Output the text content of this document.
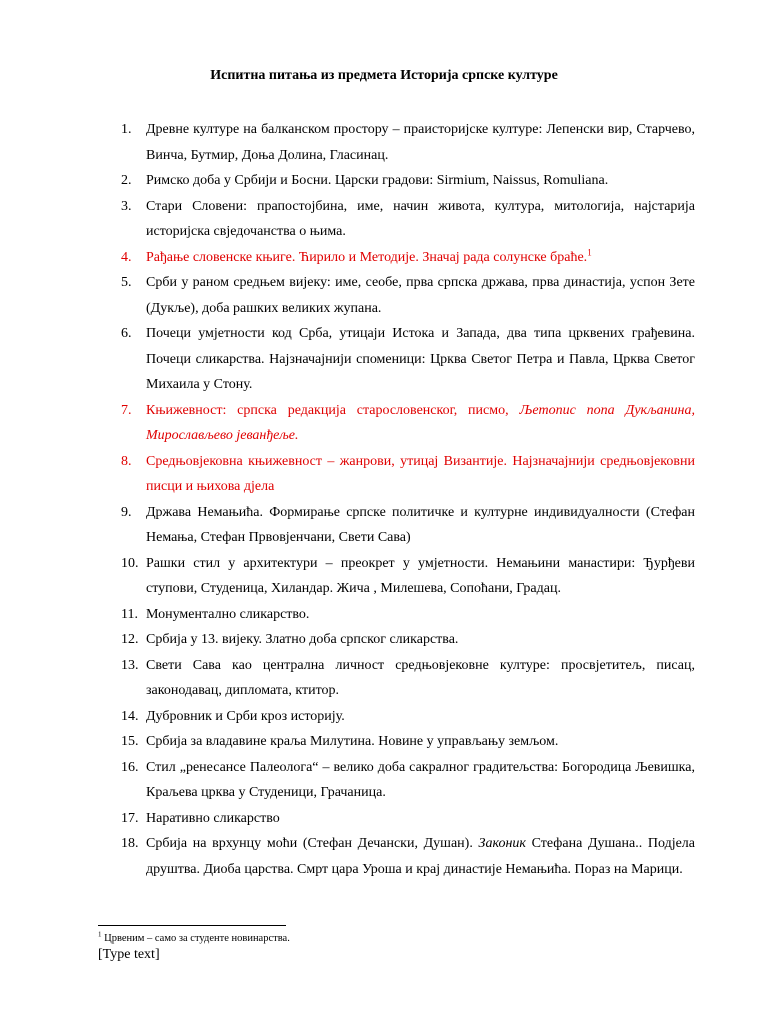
Испитна питања из предмета Историја српске културе

1. Древне културе на балканском простору – праисторијске културе: Лепенски вир, Старчево, Винча, Бутмир, Доња Долина, Гласинац.

2. Римско доба у Србији и Босни. Царски градови: Sirmium, Naissus, Romuliana.

3. Стари Словени: прапостојбина, име, начин живота, култура, митологија, најстарија историјска свједочанства о њима.

4. Рађање словенске књиге. Ћирило и Методије. Значај рада солунске браће.$^1$

5. Срби у раном средњем вијеку: име, сеобе, прва српска држава, прва династија, успон Зете (Дукље), доба рашких великих жупана.

6. Почеци умјетности код Срба, утицаји Истока и Запада, два типа црквених грађевина. Почеци сликарства. Најзначајнији споменици: Црква Светог Петра и Павла, Црква Светог Михаила у Стону.

7. Књижевност: српска редакција старословенског, писмо, Љетопис попа Дукљанина, Мирослављево јеванђеље.

8. Средњовјековна књижевност – жанрови, утицај Византије. Најзначајнији средњовјековни писци и њихова дјела

9. Држава Немањића. Формирање српске политичке и културне индивидуалности (Стефан Немања, Стефан Првовјенчани, Свети Сава)

10. Рашки стил у архитектури – преокрет у умјетности. Немањини манастири: Ђурђеви ступови, Студеница, Хиландар. Жича , Милешева, Сопоћани, Градац.

11. Монументално сликарство.

12. Србија у 13. вијеку. Златно доба српског сликарства.

13. Свети Сава као централна личност средњовјековне културе: просвјетитељ, писац, законодавац, дипломата, ктитор.

14. Дубровник и Срби кроз историју.

15. Србија за владавине краља Милутина. Новине у управљању земљом.

16. Стил „ренесансе Палеолога“ – велико доба сакралног градитељства: Богородица Љевишка, Краљева црква у Студеници, Грачаница.

17. Наративно сликарство

18. Србија на врхунцу моћи (Стефан Дечански, Душан). Законик Стефана Душана.. Подјела друштва. Диоба царства. Смрт цара Уроша и крај династије Немањића. Пораз на Марици.

$^1$ Црвеним – само за студенте новинарства.
[Type text]
